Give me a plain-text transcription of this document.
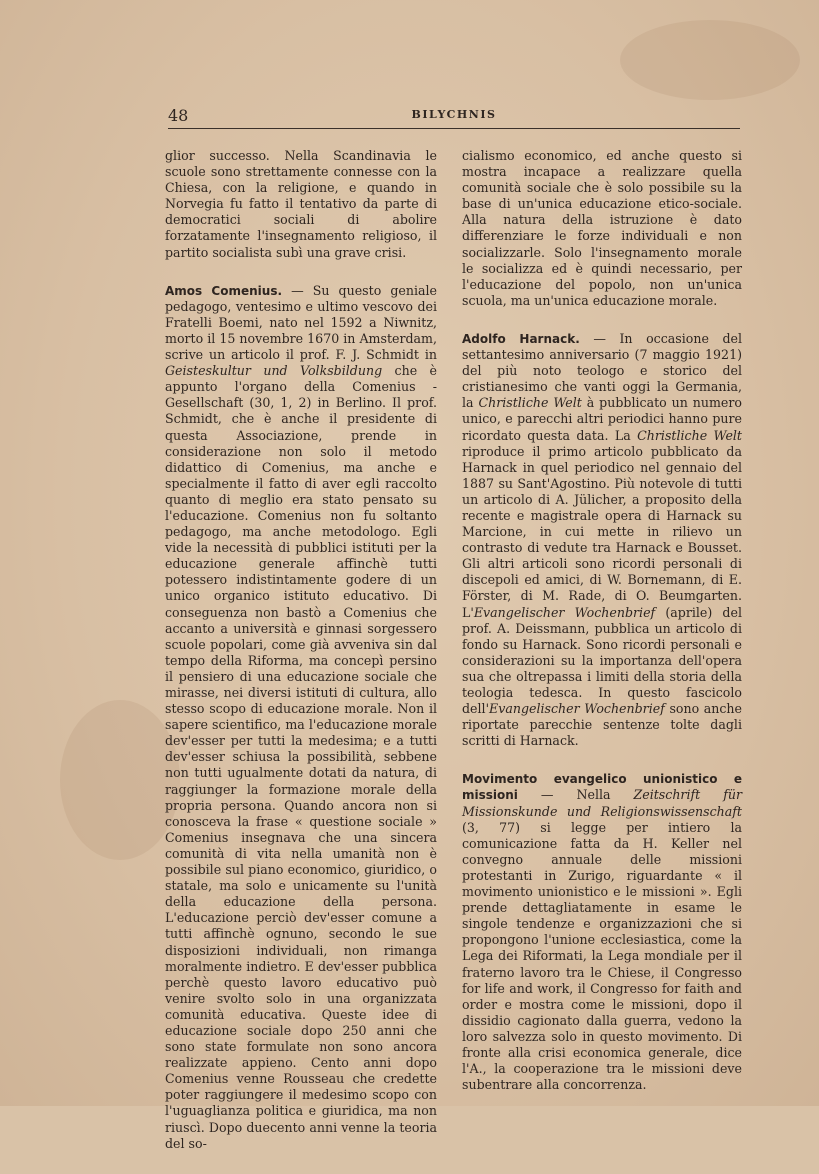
48	BILYCHNIS

glior successo. Nella Scandinavia le scuole sono strettamente connesse con la Chiesa, con la religione, e quando in Norvegia fu fatto il tentativo da parte di democratici sociali di abolire forzatamente l'insegnamento religioso, il partito socialista subì una grave crisi.

Amos Comenius. — Su questo geniale pedagogo, ventesimo e ultimo vescovo dei Fratelli Boemi, nato nel 1592 a Niwnitz, morto il 15 novembre 1670 in Amsterdam, scrive un articolo il prof. F. J. Schmidt in Geisteskultur und Volksbildung che è appunto l'organo della Comenius - Gesellschaft (30, 1, 2) in Berlino. Il prof. Schmidt, che è anche il presidente di questa Associazione, prende in considerazione non solo il metodo didattico di Comenius, ma anche e specialmente il fatto di aver egli raccolto quanto di meglio era stato pensato su l'educazione. Comenius non fu soltanto pedagogo, ma anche metodologo. Egli vide la necessità di pubblici istituti per la educazione generale affinchè tutti potessero indistintamente godere di un unico organico istituto educativo. Di conseguenza non bastò a Comenius che accanto a università e ginnasi sorgessero scuole popolari, come già avveniva sin dal tempo della Riforma, ma concepì persino il pensiero di una educazione sociale che mirasse, nei diversi istituti di cultura, allo stesso scopo di educazione morale. Non il sapere scientifico, ma l'educazione morale dev'esser per tutti la medesima; e a tutti dev'esser schiusa la possibilità, sebbene non tutti ugualmente dotati da natura, di raggiunger la formazione morale della propria persona. Quando ancora non si conosceva la frase « questione sociale » Comenius insegnava che una sincera comunità di vita nella umanità non è possibile sul piano economico, giuridico, o statale, ma solo e unicamente su l'unità della educazione della persona. L'educazione perciò dev'esser comune a tutti affinchè ognuno, secondo le sue disposizioni individuali, non rimanga moralmente indietro. E dev'esser pubblica perchè questo lavoro educativo può venire svolto solo in una organizzata comunità educativa. Queste idee di educazione sociale dopo 250 anni che sono state formulate non sono ancora realizzate appieno. Cento anni dopo Comenius venne Rousseau che credette poter raggiungere il medesimo scopo con l'uguaglianza politica e giuridica, ma non riuscì. Dopo duecento anni venne la teoria del so-

cialismo economico, ed anche questo si mostra incapace a realizzare quella comunità sociale che è solo possibile su la base di un'unica educazione etico-sociale. Alla natura della istruzione è dato differenziare le forze individuali e non socializzarle. Solo l'insegnamento morale le socializza ed è quindi necessario, per l'educazione del popolo, non un'unica scuola, ma un'unica educazione morale.

Adolfo Harnack. — In occasione del settantesimo anniversario (7 maggio 1921) del più noto teologo e storico del cristianesimo che vanti oggi la Germania, la Christliche Welt à pubblicato un numero unico, e parecchi altri periodici hanno pure ricordato questa data. La Christliche Welt riproduce il primo articolo pubblicato da Harnack in quel periodico nel gennaio del 1887 su Sant'Agostino. Più notevole di tutti un articolo di A. Jülicher, a proposito della recente e magistrale opera di Harnack su Marcione, in cui mette in rilievo un contrasto di vedute tra Harnack e Bousset. Gli altri articoli sono ricordi personali di discepoli ed amici, di W. Bornemann, di E. Förster, di M. Rade, di O. Beumgarten. L'Evangelischer Wochenbrief (aprile) del prof. A. Deissmann, pubblica un articolo di fondo su Harnack. Sono ricordi personali e considerazioni su la importanza dell'opera sua che oltrepassa i limiti della storia della teologia tedesca. In questo fascicolo dell'Evangelischer Wochenbrief sono anche riportate parecchie sentenze tolte dagli scritti di Harnack.

Movimento evangelico unionistico e missioni — Nella Zeitschrift für Missionskunde und Religionswissenschaft (3, 77) si legge per intiero la comunicazione fatta da H. Keller nel convegno annuale delle missioni protestanti in Zurigo, riguardante « il movimento unionistico e le missioni ». Egli prende dettagliatamente in esame le singole tendenze e organizzazioni che si propongono l'unione ecclesiastica, come la Lega dei Riformati, la Lega mondiale per il fraterno lavoro tra le Chiese, il Congresso for life and work, il Congresso for faith and order e mostra come le missioni, dopo il dissidio cagionato dalla guerra, vedono la loro salvezza solo in questo movimento. Di fronte alla crisi economica generale, dice l'A., la cooperazione tra le missioni deve subentrare alla concorrenza.
